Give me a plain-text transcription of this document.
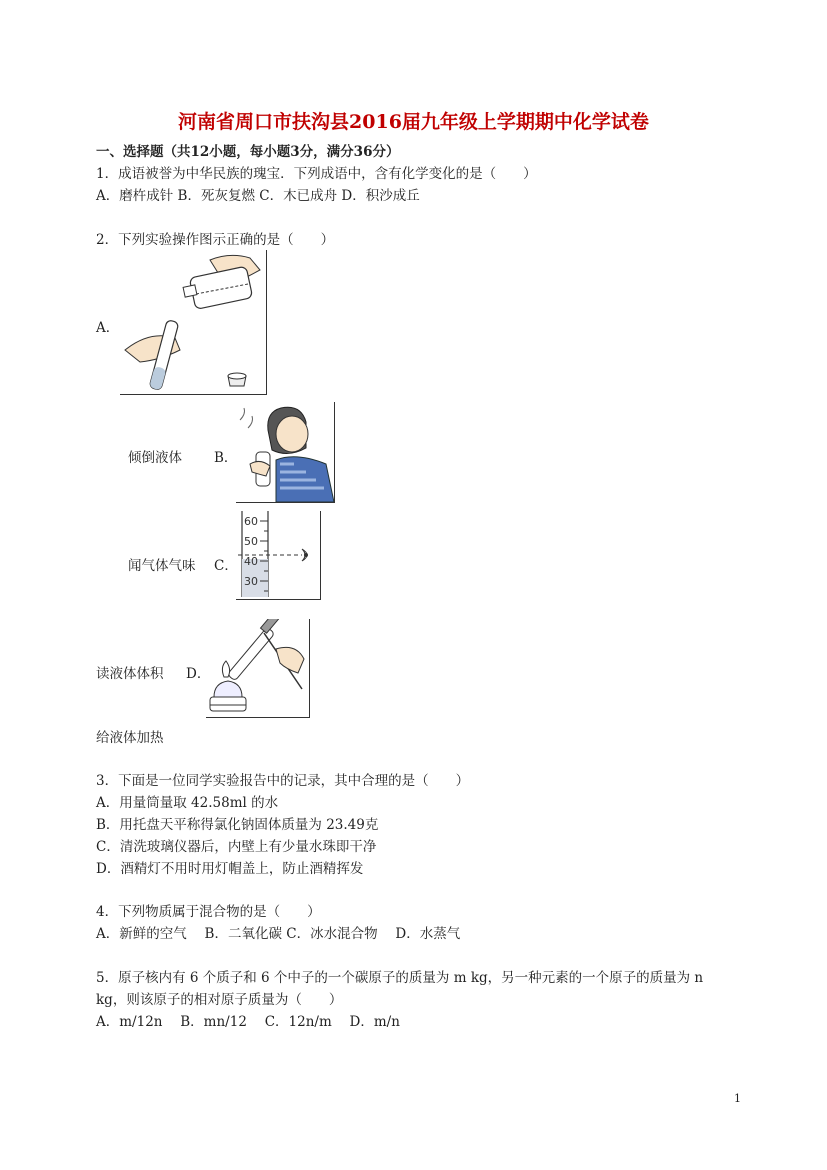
河南省周口市扶沟县2016届九年级上学期期中化学试卷
一、选择题（共12小题，每小题3分，满分36分）
1．成语被誉为中华民族的瑰宝．下列成语中，含有化学变化的是（　　）
A．磨杵成针 B．死灰复燃 C．木已成舟 D．积沙成丘
2．下列实验操作图示正确的是（　　）
A．
倾倒液体 B．
闻气体气味 C．
60
50
40
30
读液体体积 D．
给液体加热
3．下面是一位同学实验报告中的记录，其中合理的是（　　）
A．用量筒量取 42.58ml 的水
B．用托盘天平称得氯化钠固体质量为 23.49克
C．清洗玻璃仪器后，内壁上有少量水珠即干净
D．酒精灯不用时用灯帽盖上，防止酒精挥发
4．下列物质属于混合物的是（　　）
A．新鲜的空气　 B．二氧化碳 C．冰水混合物　 D．水蒸气
5．原子核内有 6 个质子和 6 个中子的一个碳原子的质量为 m kg，另一种元素的一个原子的质量为 n
kg，则该原子的相对原子质量为（　　）
A．m/12n　 B．mn/12　 C．12n/m　 D．m/n
1
